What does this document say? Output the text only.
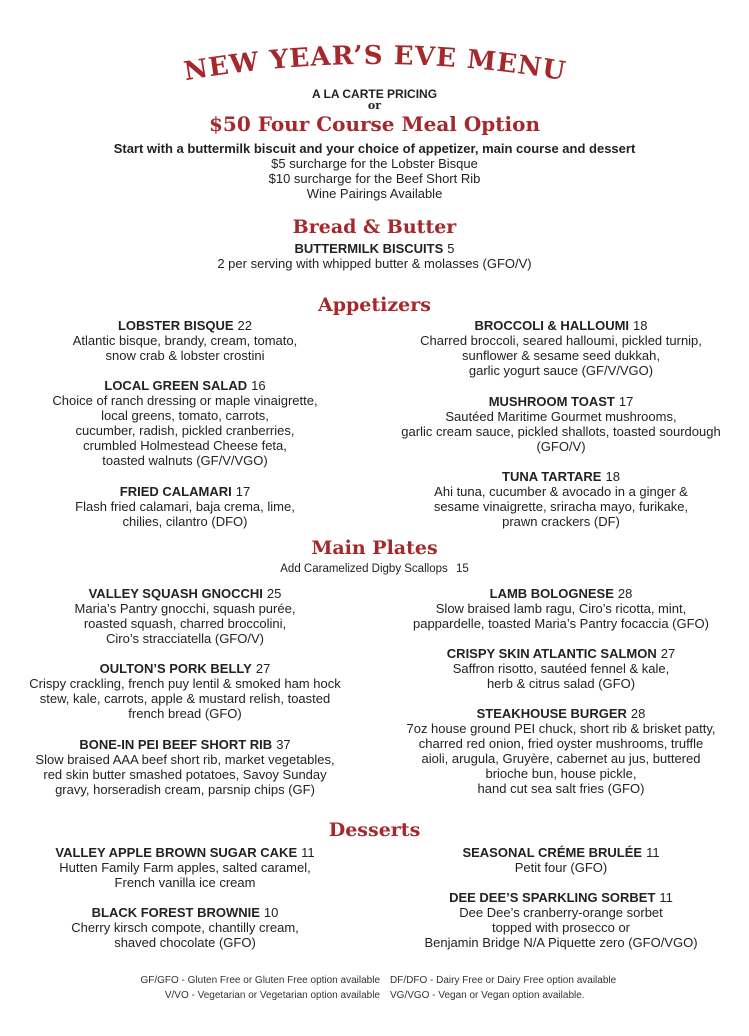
NEW YEAR’S EVE MENU
A LA CARTE PRICING
or
$50 Four Course Meal Option
Start with a buttermilk biscuit and your choice of appetizer, main course and dessert
$5 surcharge for the Lobster Bisque
$10 surcharge for the Beef Short Rib
Wine Pairings Available
Bread & Butter
BUTTERMILK BISCUITS 5
2 per serving with whipped butter & molasses (GFO/V)
Appetizers
LOBSTER BISQUE 22
Atlantic bisque, brandy, cream, tomato,
snow crab & lobster crostini
LOCAL GREEN SALAD 16
Choice of ranch dressing or maple vinaigrette,
local greens, tomato, carrots,
cucumber, radish, pickled cranberries,
crumbled Holmestead Cheese feta,
toasted walnuts (GF/V/VGO)
FRIED CALAMARI 17
Flash fried calamari, baja crema, lime,
chilies, cilantro (DFO)
BROCCOLI & HALLOUMI 18
Charred broccoli, seared halloumi, pickled turnip,
sunflower & sesame seed dukkah,
garlic yogurt sauce (GF/V/VGO)
MUSHROOM TOAST 17
Sautéed Maritime Gourmet mushrooms,
garlic cream sauce, pickled shallots, toasted sourdough
(GFO/V)
TUNA TARTARE 18
Ahi tuna, cucumber & avocado in a ginger &
sesame vinaigrette, sriracha mayo, furikake,
prawn crackers (DF)
Main Plates
Add Caramelized Digby Scallops 15
VALLEY SQUASH GNOCCHI 25
Maria’s Pantry gnocchi, squash purée,
roasted squash, charred broccolini,
Ciro’s stracciatella (GFO/V)
OULTON’S PORK BELLY 27
Crispy crackling, french puy lentil & smoked ham hock
stew, kale, carrots, apple & mustard relish, toasted
french bread (GFO)
BONE-IN PEI BEEF SHORT RIB 37
Slow braised AAA beef short rib, market vegetables,
red skin butter smashed potatoes, Savoy Sunday
gravy, horseradish cream, parsnip chips (GF)
LAMB BOLOGNESE 28
Slow braised lamb ragu, Ciro’s ricotta, mint,
pappardelle, toasted Maria’s Pantry focaccia (GFO)
CRISPY SKIN ATLANTIC SALMON 27
Saffron risotto, sautéed fennel & kale,
herb & citrus salad (GFO)
STEAKHOUSE BURGER 28
7oz house ground PEI chuck, short rib & brisket patty,
charred red onion, fried oyster mushrooms, truffle
aioli, arugula, Gruyère, cabernet au jus, buttered
brioche bun, house pickle,
hand cut sea salt fries (GFO)
Desserts
VALLEY APPLE BROWN SUGAR CAKE 11
Hutten Family Farm apples, salted caramel,
French vanilla ice cream
BLACK FOREST BROWNIE 10
Cherry kirsch compote, chantilly cream,
shaved chocolate (GFO)
SEASONAL CRÉME BRULÉE 11
Petit four (GFO)
DEE DEE’S SPARKLING SORBET 11
Dee Dee’s cranberry-orange sorbet
topped with prosecco or
Benjamin Bridge N/A Piquette zero (GFO/VGO)
GF/GFO - Gluten Free or Gluten Free option available
V/VO - Vegetarian or Vegetarian option available
DF/DFO - Dairy Free or Dairy Free option available
VG/VGO - Vegan or Vegan option available.
